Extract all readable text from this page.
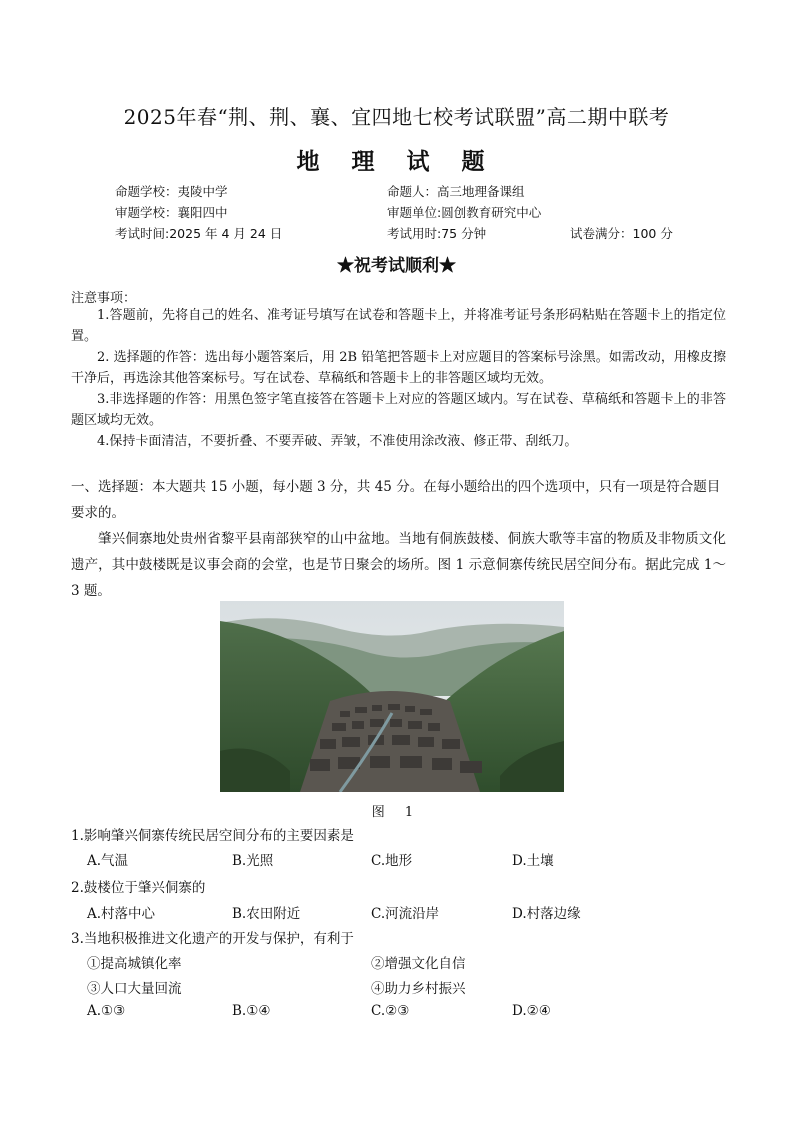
2025年春“荆、荆、襄、宜四地七校考试联盟”高二期中联考
地 理 试 题
命题学校：夷陵中学	命题人：高三地理备课组
审题学校：襄阳四中	审题单位:圆创教育研究中心
考试时间:2025 年 4 月 24 日	考试用时:75 分钟	试卷满分：100 分
★祝考试顺利★
注意事项：
1.答题前，先将自己的姓名、准考证号填写在试卷和答题卡上，并将准考证号条形码粘贴在答题卡上的指定位置。
2. 选择题的作答：选出每小题答案后，用 2B 铅笔把答题卡上对应题目的答案标号涂黑。如需改动，用橡皮擦干净后，再选涂其他答案标号。写在试卷、草稿纸和答题卡上的非答题区域均无效。
3.非选择题的作答：用黑色签字笔直接答在答题卡上对应的答题区域内。写在试卷、草稿纸和答题卡上的非答题区域均无效。
4.保持卡面清洁，不要折叠、不要弄破、弄皱，不准使用涂改液、修正带、刮纸刀。
一、选择题：本大题共 15 小题，每小题 3 分，共 45 分。在每小题给出的四个选项中，只有一项是符合题目要求的。
肇兴侗寨地处贵州省黎平县南部狭窄的山中盆地。当地有侗族鼓楼、侗族大歌等丰富的物质及非物质文化遗产，其中鼓楼既是议事会商的会堂，也是节日聚会的场所。图 1 示意侗寨传统民居空间分布。据此完成 1～3 题。
图 1
1.影响肇兴侗寨传统民居空间分布的主要因素是
A.气温	B.光照	C.地形	D.土壤
2.鼓楼位于肇兴侗寨的
A.村落中心	B.农田附近	C.河流沿岸	D.村落边缘
3.当地积极推进文化遗产的开发与保护，有利于
①提高城镇化率	②增强文化自信
③人口大量回流	④助力乡村振兴
A.①③	B.①④	C.②③	D.②④
